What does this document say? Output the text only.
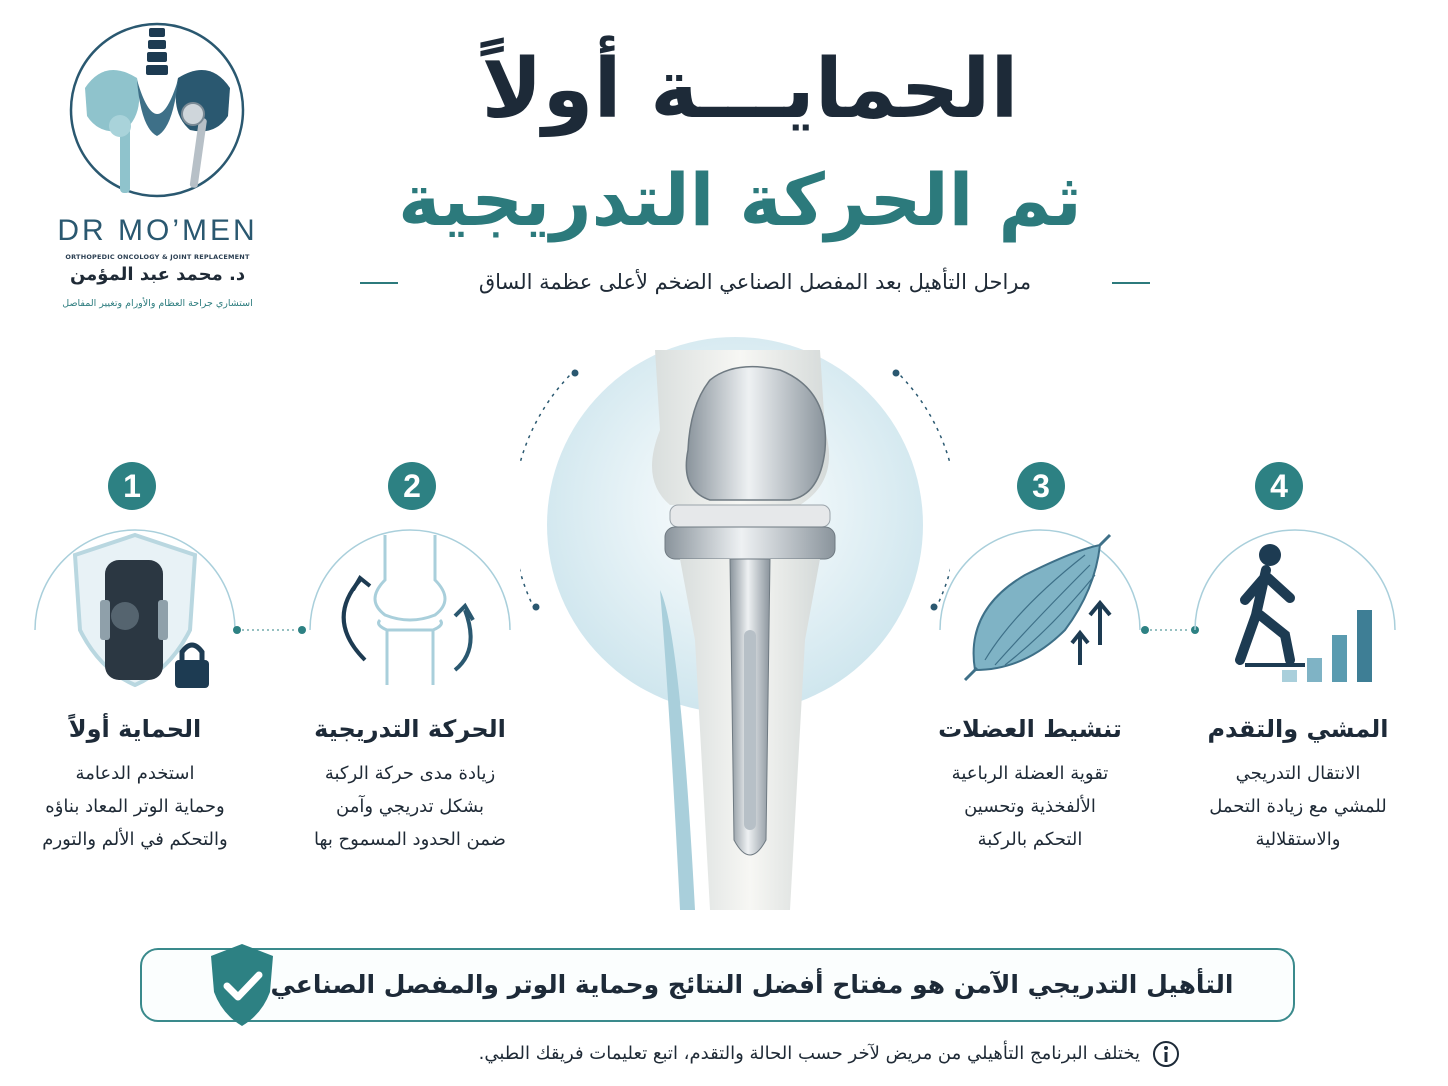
DR MO’MEN
ORTHOPEDIC ONCOLOGY & JOINT REPLACEMENT
د. محمد عبد المؤمن
استشاري جراحة العظام والأورام وتغيير المفاصل
الحمايـــة أولاً
ثم الحركة التدريجية
مراحل التأهيل بعد المفصل الصناعي الضخم لأعلى عظمة الساق
1
الحماية أولاً
استخدم الدعامة
وحماية الوتر المعاد بناؤه
والتحكم في الألم والتورم
2
الحركة التدريجية
زيادة مدى حركة الركبة
بشكل تدريجي وآمن
ضمن الحدود المسموح بها
3
تنشيط العضلات
تقوية العضلة الرباعية
الألفخذية وتحسين
التحكم بالركبة
4
المشي والتقدم
الانتقال التدريجي
للمشي مع زيادة التحمل
والاستقلالية
التأهيل التدريجي الآمن هو مفتاح أفضل النتائج وحماية الوتر والمفصل الصناعي
يختلف البرنامج التأهيلي من مريض لآخر حسب الحالة والتقدم، اتبع تعليمات فريقك الطبي.
